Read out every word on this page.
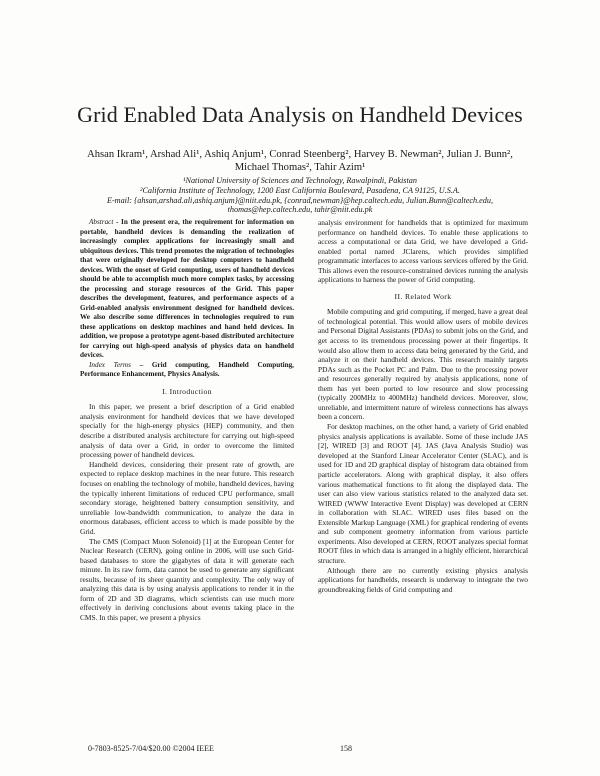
Grid Enabled Data Analysis on Handheld Devices
Ahsan Ikram¹, Arshad Ali¹, Ashiq Anjum¹, Conrad Steenberg², Harvey B. Newman², Julian J. Bunn²,
Michael Thomas², Tahir Azim¹
¹National University of Sciences and Technology, Rawalpindi, Pakistan
²California Institute of Technology, 1200 East California Boulevard, Pasadena, CA 91125, U.S.A.
E-mail: {ahsan,arshad.ali,ashiq.anjum}@niit.edu.pk, {conrad,newman}@hep.caltech.edu, Julian.Bunn@caltech.edu,
thomas@hep.caltech.edu, tahir@niit.edu.pk

Abstract - In the present era, the requirement for information on portable, handheld devices is demanding the realization of increasingly complex applications for increasingly small and ubiquitous devices. This trend promotes the migration of technologies that were originally developed for desktop computers to handheld devices. With the onset of Grid computing, users of handheld devices should be able to accomplish much more complex tasks, by accessing the processing and storage resources of the Grid. This paper describes the development, features, and performance aspects of a Grid-enabled analysis environment designed for handheld devices. We also describe some differences in technologies required to run these applications on desktop machines and hand held devices. In addition, we propose a prototype agent-based distributed architecture for carrying out high-speed analysis of physics data on handheld devices.

Index Terms – Grid computing, Handheld Computing, Performance Enhancement, Physics Analysis.

I. Introduction

In this paper, we present a brief description of a Grid enabled analysis environment for handheld devices that we have developed specially for the high-energy physics (HEP) community, and then describe a distributed analysis architecture for carrying out high-speed analysis of data over a Grid, in order to overcome the limited processing power of handheld devices.

Handheld devices, considering their present rate of growth, are expected to replace desktop machines in the near future. This research focuses on enabling the technology of mobile, handheld devices, having the typically inherent limitations of reduced CPU performance, small secondary storage, heightened battery consumption sensitivity, and unreliable low-bandwidth communication, to analyze the data in enormous databases, efficient access to which is made possible by the Grid.

The CMS (Compact Muon Solenoid) [1] at the European Center for Nuclear Research (CERN), going online in 2006, will use such Grid-based databases to store the gigabytes of data it will generate each minute. In its raw form, data cannot be used to generate any significant results, because of its sheer quantity and complexity. The only way of analyzing this data is by using analysis applications to render it in the form of 2D and 3D diagrams, which scientists can use much more effectively in deriving conclusions about events taking place in the CMS. In this paper, we present a physics

analysis environment for handhelds that is optimized for maximum performance on handheld devices. To enable these applications to access a computational or data Grid, we have developed a Grid-enabled portal named JClarens, which provides simplified programmatic interfaces to access various services offered by the Grid. This allows even the resource-constrained devices running the analysis applications to harness the power of Grid computing.

II. Related Work

Mobile computing and grid computing, if merged, have a great deal of technological potential. This would allow users of mobile devices and Personal Digital Assistants (PDAs) to submit jobs on the Grid, and get access to its tremendous processing power at their fingertips. It would also allow them to access data being generated by the Grid, and analyze it on their handheld devices. This research mainly targets PDAs such as the Pocket PC and Palm. Due to the processing power and resources generally required by analysis applications, none of them has yet been ported to low resource and slow processing (typically 200MHz to 400MHz) handheld devices. Moreover, slow, unreliable, and intermittent nature of wireless connections has always been a concern.

For desktop machines, on the other hand, a variety of Grid enabled physics analysis applications is available. Some of these include JAS [2], WIRED [3] and ROOT [4]. JAS (Java Analysis Studio) was developed at the Stanford Linear Accelerator Center (SLAC), and is used for 1D and 2D graphical display of histogram data obtained from particle accelerators. Along with graphical display, it also offers various mathematical functions to fit along the displayed data. The user can also view various statistics related to the analyzed data set. WIRED (WWW Interactive Event Display) was developed at CERN in collaboration with SLAC. WIRED uses files based on the Extensible Markup Language (XML) for graphical rendering of events and sub component geometry information from various particle experiments. Also developed at CERN, ROOT analyzes special format ROOT files in which data is arranged in a highly efficient, hierarchical structure.

Although there are no currently existing physics analysis applications for handhelds, research is underway to integrate the two groundbreaking fields of Grid computing and

0-7803-8525-7/04/$20.00 ©2004 IEEE	158
